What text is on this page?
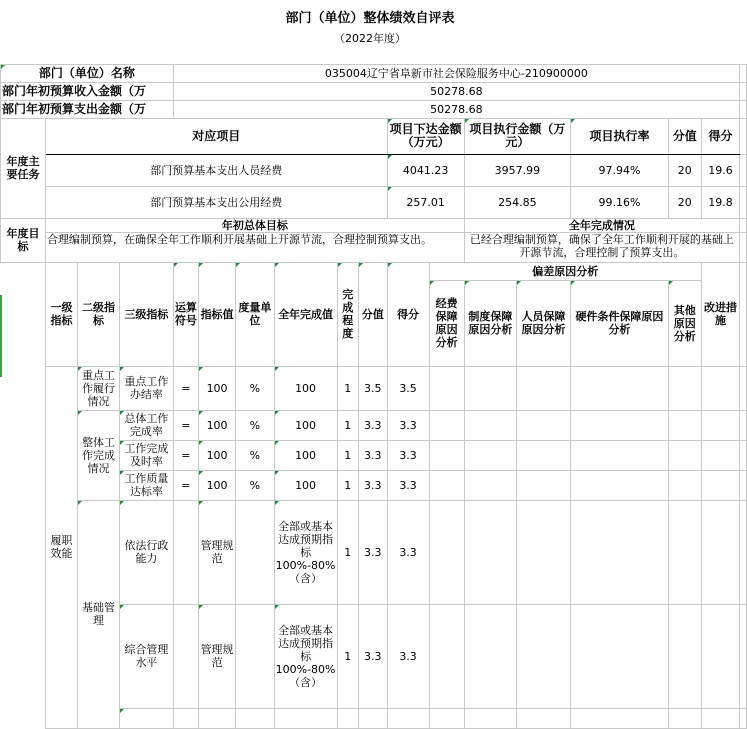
部门（单位）整体绩效自评表																	
（2022年度）																	

部门（单位）名称				035004辽宁省阜新市社会保险服务中心-210900000													
部门年初预算收入金额（万				50278.68													
部门年初预算支出金额（万				50278.68													
年度主要任务	对应项目									项目下达金额（万元）		项目执行金额（万元）		项目执行率	分值	得分	
	部门预算基本支出人员经费									4041.23		3957.99		97.94%	20	19.6	
	部门预算基本支出公用经费									257.01		254.85		99.16%	20	19.8	
年度目标	年初总体目标											全年完成情况					
	合理编制预算，在确保全年工作顺利开展基础上开源节流，合理控制预算支出。											已经合理编制预算，确保了全年工作顺利开展的基础上开源节流，合理控制了预算支出。					
	一级指标	二级指标	三级指标	运算符号	指标值	度量单位	全年完成值	完成程度	分值	得分	偏差原因分析					改进措施	
											经费保障原因分析	制度保障原因分析	人员保障原因分析	硬件条件保障原因分析	其他原因分析		
	履职效能	重点工作履行情况	重点工作办结率	=	100	%	100	1	3.5	3.5							
		整体工作完成情况	总体工作完成率	=	100	%	100	1	3.3	3.3							
			工作完成及时率	=	100	%	100	1	3.3	3.3							
			工作质量达标率	=	100	%	100	1	3.3	3.3							
		基础管理	依法行政能力		管理规范		全部或基本达成预期指标100%-80%（含）	1	3.3	3.3							
			综合管理水平		管理规范		全部或基本达成预期指标100%-80%（含）	1	3.3	3.3							
